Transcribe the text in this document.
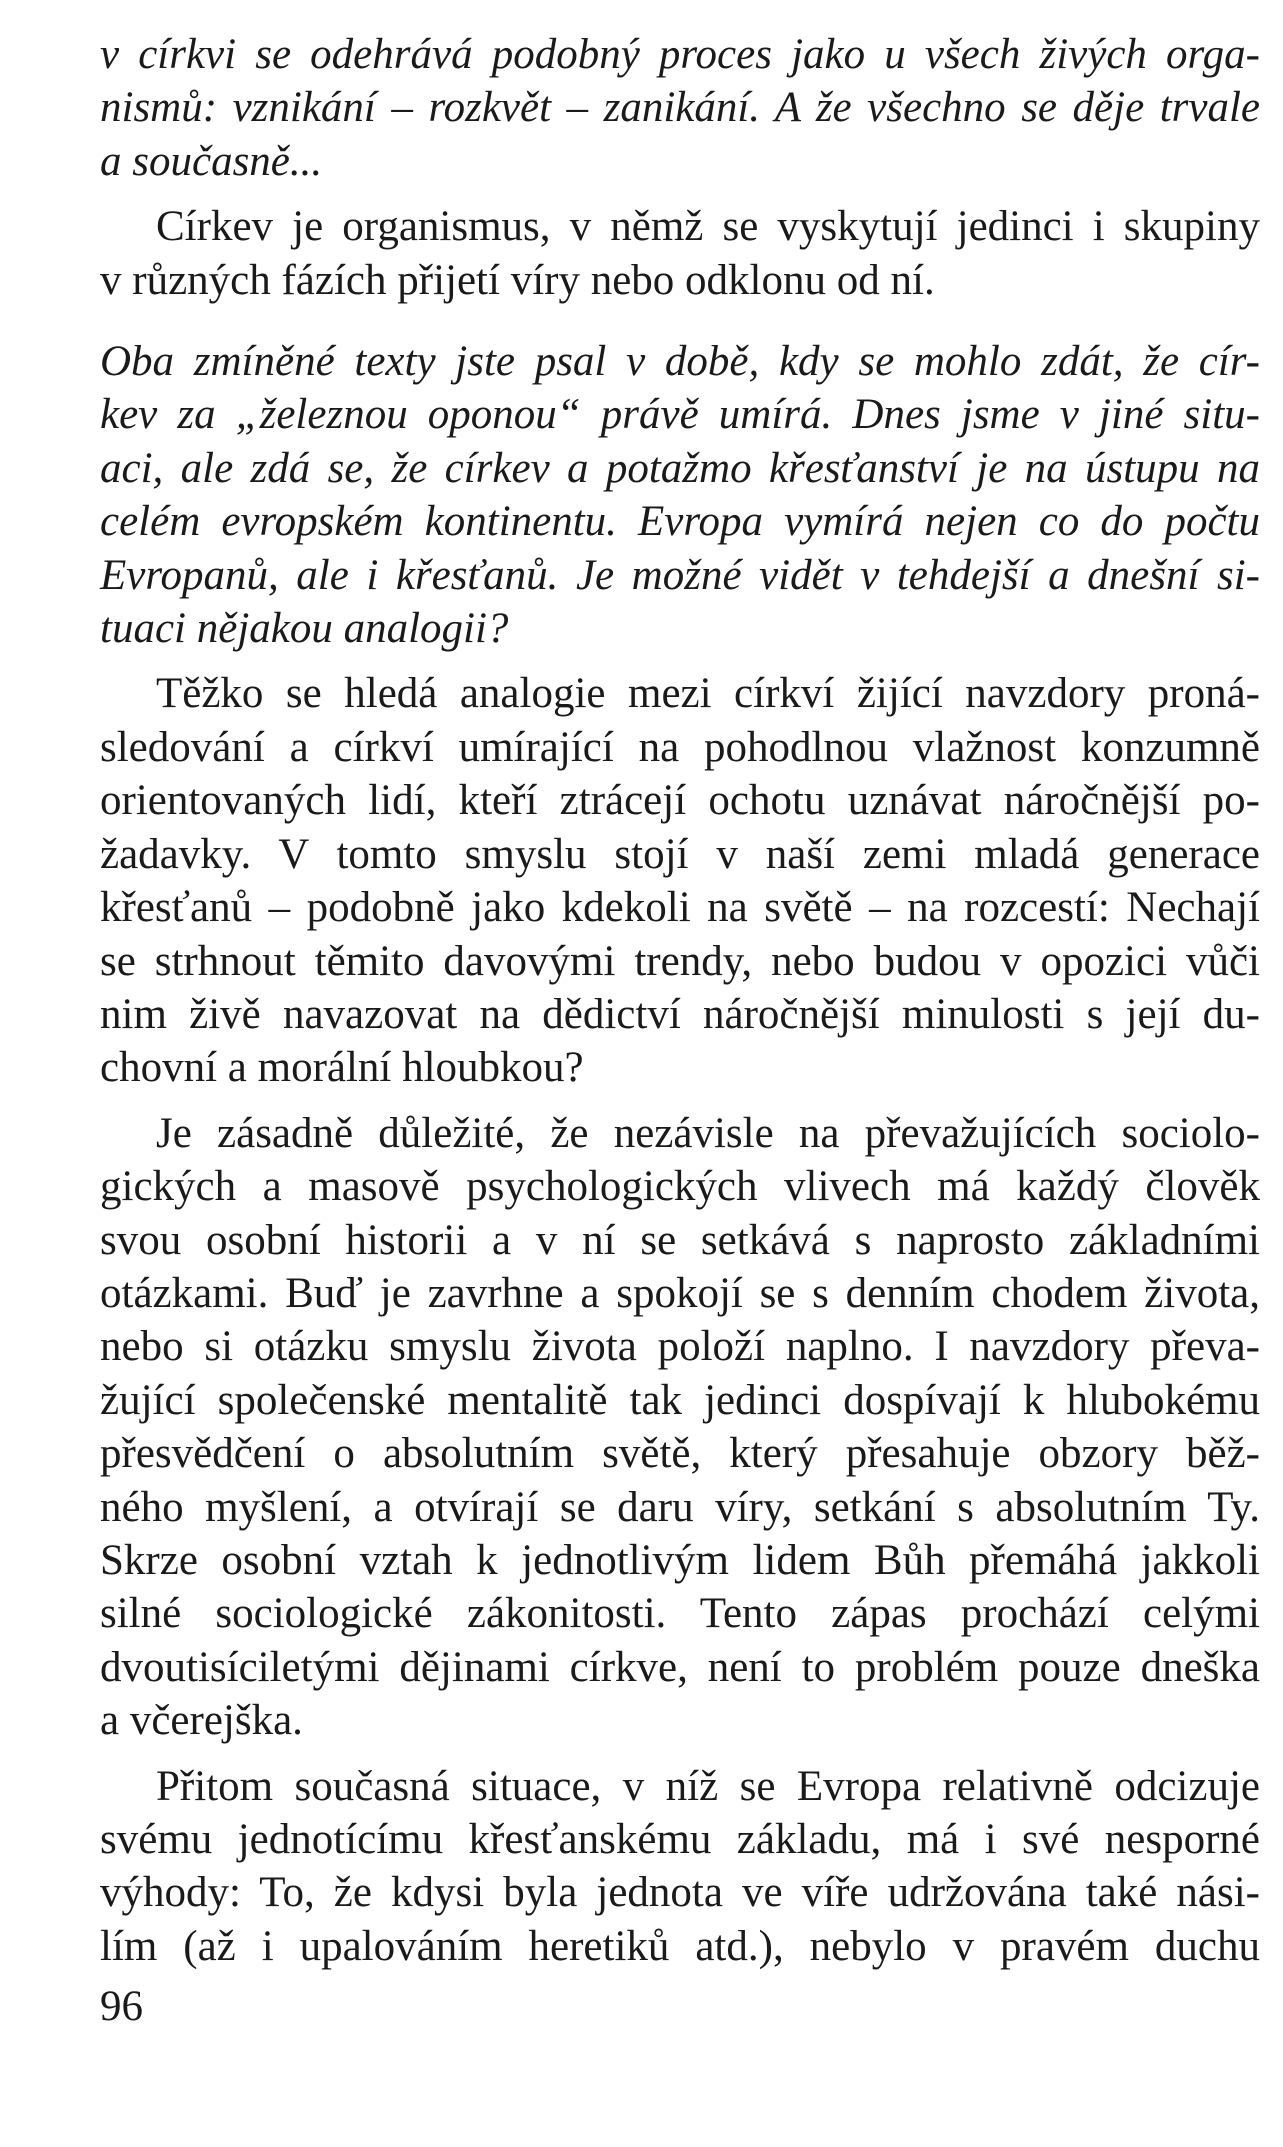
v církvi se odehrává podobný proces jako u všech živých orga-
nismů: vznikání – rozkvět – zanikání. A že všechno se děje trvale
a současně...

Církev je organismus, v němž se vyskytují jedinci i skupiny
v různých fázích přijetí víry nebo odklonu od ní.

Oba zmíněné texty jste psal v době, kdy se mohlo zdát, že cír-
kev za „železnou oponou“ právě umírá. Dnes jsme v jiné situ-
aci, ale zdá se, že církev a potažmo křesťanství je na ústupu na
celém evropském kontinentu. Evropa vymírá nejen co do počtu
Evropanů, ale i křesťanů. Je možné vidět v tehdejší a dnešní si-
tuaci nějakou analogii?

Těžko se hledá analogie mezi církví žijící navzdory proná-
sledování a církví umírající na pohodlnou vlažnost konzumně
orientovaných lidí, kteří ztrácejí ochotu uznávat náročnější po-
žadavky. V tomto smyslu stojí v naší zemi mladá generace
křesťanů – podobně jako kdekoli na světě – na rozcestí: Nechají
se strhnout těmito davovými trendy, nebo budou v opozici vůči
nim živě navazovat na dědictví náročnější minulosti s její du-
chovní a morální hloubkou?

Je zásadně důležité, že nezávisle na převažujících sociolo-
gických a masově psychologických vlivech má každý člověk
svou osobní historii a v ní se setkává s naprosto základními
otázkami. Buď je zavrhne a spokojí se s denním chodem života,
nebo si otázku smyslu života položí naplno. I navzdory převa-
žující společenské mentalitě tak jedinci dospívají k hlubokému
přesvědčení o absolutním světě, který přesahuje obzory běž-
ného myšlení, a otvírají se daru víry, setkání s absolutním Ty.
Skrze osobní vztah k jednotlivým lidem Bůh přemáhá jakkoli
silné sociologické zákonitosti. Tento zápas prochází celými
dvoutisíciletými dějinami církve, není to problém pouze dneška
a včerejška.

Přitom současná situace, v níž se Evropa relativně odcizuje
svému jednotícímu křesťanskému základu, má i své nesporné
výhody: To, že kdysi byla jednota ve víře udržována také nási-
lím (až i upalováním heretiků atd.), nebylo v pravém duchu

96
